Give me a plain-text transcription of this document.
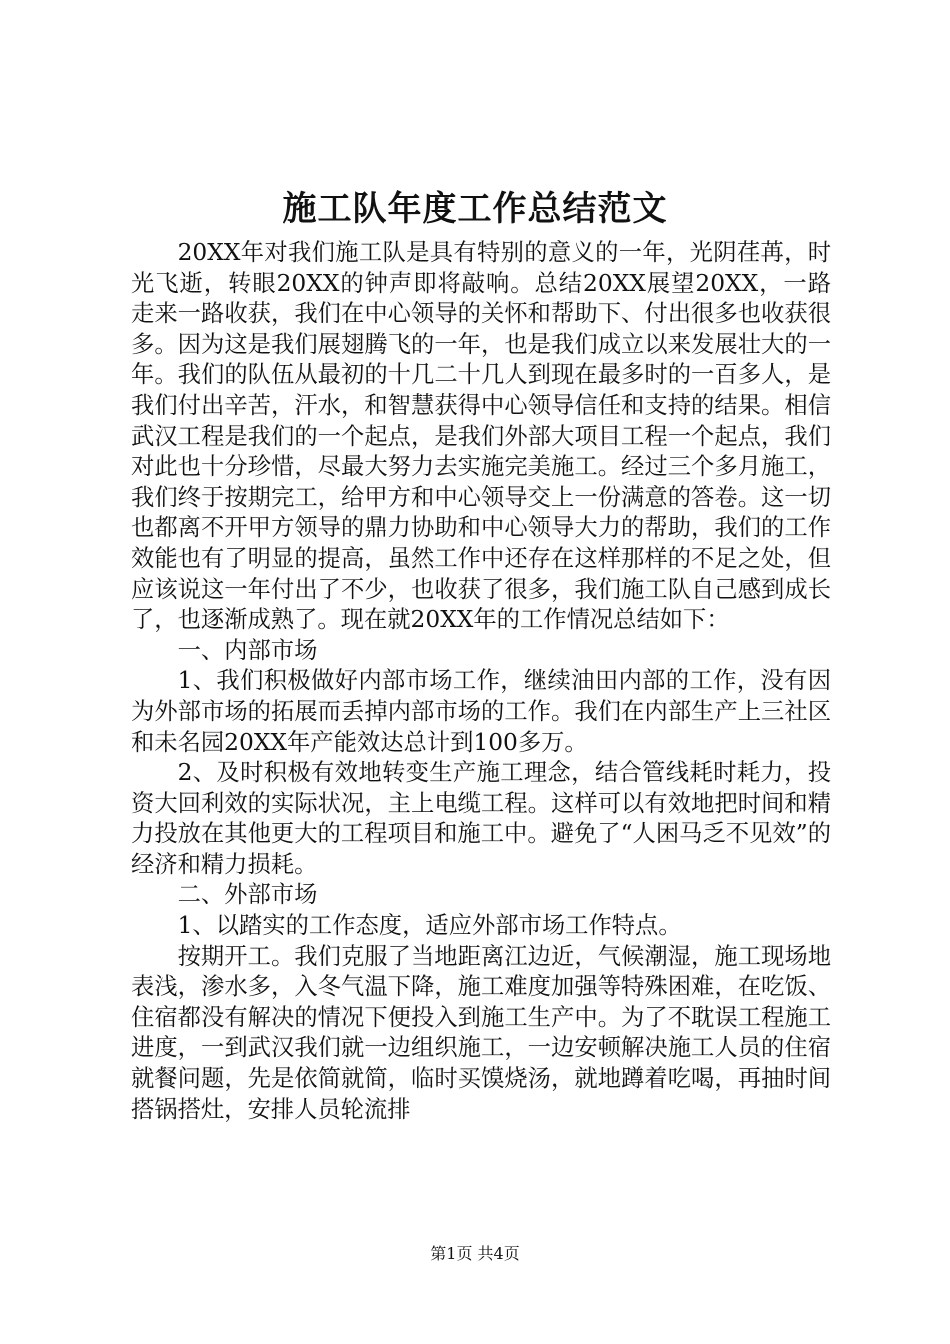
施工队年度工作总结范文

20XX年对我们施工队是具有特别的意义的一年，光阴荏苒，时光飞逝，转眼20XX的钟声即将敲响。总结20XX展望20XX，一路走来一路收获，我们在中心领导的关怀和帮助下、付出很多也收获很多。因为这是我们展翅腾飞的一年，也是我们成立以来发展壮大的一年。我们的队伍从最初的十几二十几人到现在最多时的一百多人，是我们付出辛苦，汗水，和智慧获得中心领导信任和支持的结果。相信武汉工程是我们的一个起点，是我们外部大项目工程一个起点，我们对此也十分珍惜，尽最大努力去实施完美施工。经过三个多月施工，我们终于按期完工，给甲方和中心领导交上一份满意的答卷。这一切也都离不开甲方领导的鼎力协助和中心领导大力的帮助，我们的工作效能也有了明显的提高，虽然工作中还存在这样那样的不足之处，但应该说这一年付出了不少，也收获了很多，我们施工队自己感到成长了，也逐渐成熟了。现在就20XX年的工作情况总结如下：

一、内部市场

1、我们积极做好内部市场工作，继续油田内部的工作，没有因为外部市场的拓展而丢掉内部市场的工作。我们在内部生产上三社区和未名园20XX年产能效达总计到100多万。

2、及时积极有效地转变生产施工理念，结合管线耗时耗力，投资大回利效的实际状况，主上电缆工程。这样可以有效地把时间和精力投放在其他更大的工程项目和施工中。避免了“人困马乏不见效”的经济和精力损耗。

二、外部市场

1、以踏实的工作态度，适应外部市场工作特点。

按期开工。我们克服了当地距离江边近，气候潮湿，施工现场地表浅，渗水多，入冬气温下降，施工难度加强等特殊困难，在吃饭、住宿都没有解决的情况下便投入到施工生产中。为了不耽误工程施工进度，一到武汉我们就一边组织施工，一边安顿解决施工人员的住宿就餐问题，先是依简就简，临时买馍烧汤，就地蹲着吃喝，再抽时间搭锅搭灶，安排人员轮流排

第1页 共4页
